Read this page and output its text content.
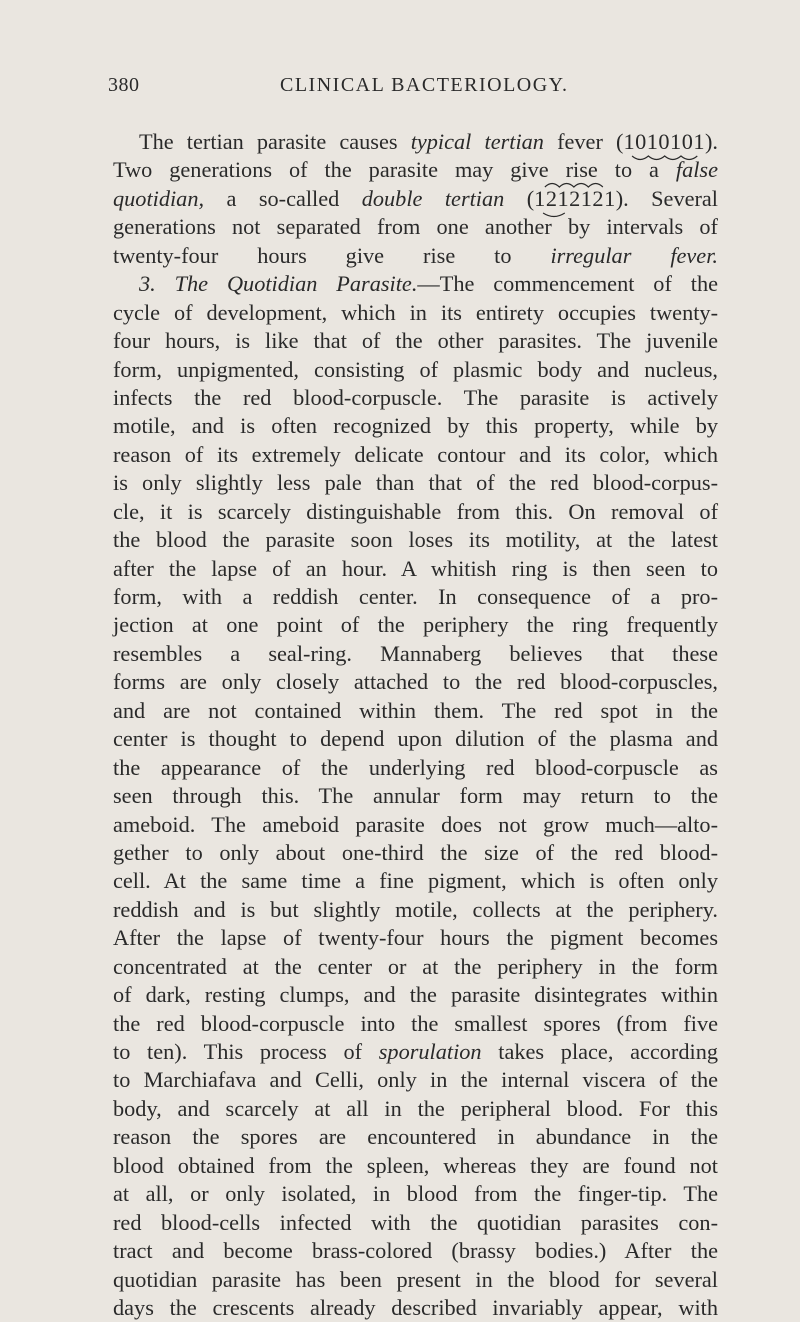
380	CLINICAL BACTERIOLOGY.
The tertian parasite causes typical tertian fever (1010101
).
Two generations of the parasite may give rise to a false
quotidian, a so-called double tertian (1212121
). Several
generations not separated from one another by intervals of
twenty-four hours give rise to irregular fever.
3. The Quotidian Parasite.—The commencement of the
cycle of development, which in its entirety occupies twenty-
four hours, is like that of the other parasites. The juvenile
form, unpigmented, consisting of plasmic body and nucleus,
infects the red blood-corpuscle. The parasite is actively
motile, and is often recognized by this property, while by
reason of its extremely delicate contour and its color, which
is only slightly less pale than that of the red blood-corpus-
cle, it is scarcely distinguishable from this. On removal of
the blood the parasite soon loses its motility, at the latest
after the lapse of an hour. A whitish ring is then seen to
form, with a reddish center. In consequence of a pro-
jection at one point of the periphery the ring frequently
resembles a seal-ring. Mannaberg believes that these
forms are only closely attached to the red blood-corpuscles,
and are not contained within them. The red spot in the
center is thought to depend upon dilution of the plasma and
the appearance of the underlying red blood-corpuscle as
seen through this. The annular form may return to the
ameboid. The ameboid parasite does not grow much—alto-
gether to only about one-third the size of the red blood-
cell. At the same time a fine pigment, which is often only
reddish and is but slightly motile, collects at the periphery.
After the lapse of twenty-four hours the pigment becomes
concentrated at the center or at the periphery in the form
of dark, resting clumps, and the parasite disintegrates within
the red blood-corpuscle into the smallest spores (from five
to ten). This process of sporulation takes place, according
to Marchiafava and Celli, only in the internal viscera of the
body, and scarcely at all in the peripheral blood. For this
reason the spores are encountered in abundance in the
blood obtained from the spleen, whereas they are found not
at all, or only isolated, in blood from the finger-tip. The
red blood-cells infected with the quotidian parasites con-
tract and become brass-colored (brassy bodies.) After the
quotidian parasite has been present in the blood for several
days the crescents already described invariably appear, with
